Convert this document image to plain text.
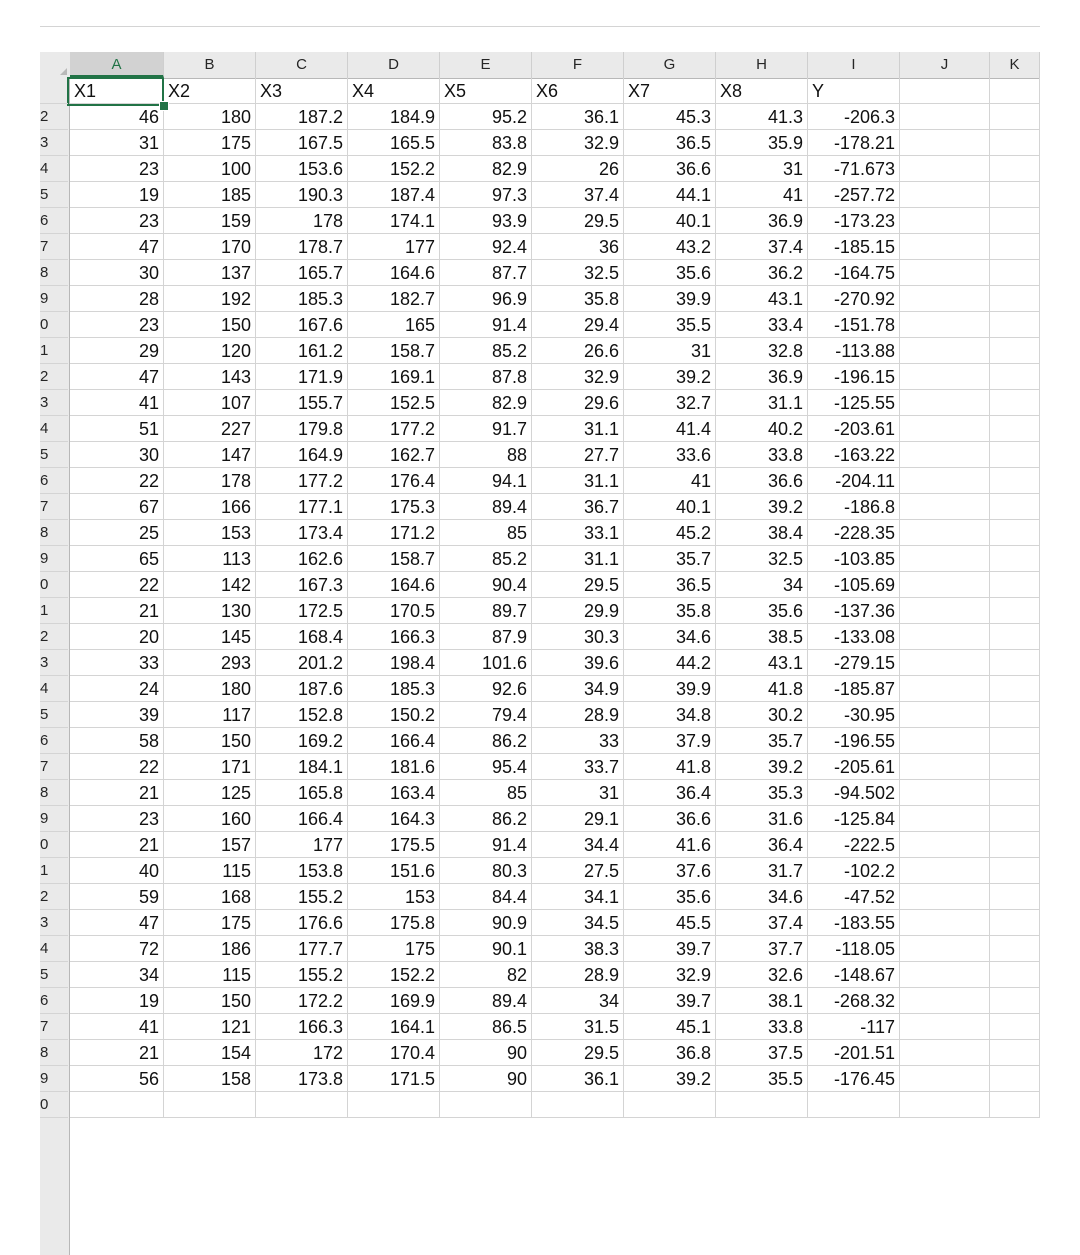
X1	X2	X3	X4	X5	X6	X7	X8	Y
46	180	187.2	184.9	95.2	36.1	45.3	41.3	-206.3
31	175	167.5	165.5	83.8	32.9	36.5	35.9	-178.21
23	100	153.6	152.2	82.9	26	36.6	31	-71.673
19	185	190.3	187.4	97.3	37.4	44.1	41	-257.72
23	159	178	174.1	93.9	29.5	40.1	36.9	-173.23
47	170	178.7	177	92.4	36	43.2	37.4	-185.15
30	137	165.7	164.6	87.7	32.5	35.6	36.2	-164.75
28	192	185.3	182.7	96.9	35.8	39.9	43.1	-270.92
23	150	167.6	165	91.4	29.4	35.5	33.4	-151.78
29	120	161.2	158.7	85.2	26.6	31	32.8	-113.88
47	143	171.9	169.1	87.8	32.9	39.2	36.9	-196.15
41	107	155.7	152.5	82.9	29.6	32.7	31.1	-125.55
51	227	179.8	177.2	91.7	31.1	41.4	40.2	-203.61
30	147	164.9	162.7	88	27.7	33.6	33.8	-163.22
22	178	177.2	176.4	94.1	31.1	41	36.6	-204.11
67	166	177.1	175.3	89.4	36.7	40.1	39.2	-186.8
25	153	173.4	171.2	85	33.1	45.2	38.4	-228.35
65	113	162.6	158.7	85.2	31.1	35.7	32.5	-103.85
22	142	167.3	164.6	90.4	29.5	36.5	34	-105.69
21	130	172.5	170.5	89.7	29.9	35.8	35.6	-137.36
20	145	168.4	166.3	87.9	30.3	34.6	38.5	-133.08
33	293	201.2	198.4	101.6	39.6	44.2	43.1	-279.15
24	180	187.6	185.3	92.6	34.9	39.9	41.8	-185.87
39	117	152.8	150.2	79.4	28.9	34.8	30.2	-30.95
58	150	169.2	166.4	86.2	33	37.9	35.7	-196.55
22	171	184.1	181.6	95.4	33.7	41.8	39.2	-205.61
21	125	165.8	163.4	85	31	36.4	35.3	-94.502
23	160	166.4	164.3	86.2	29.1	36.6	31.6	-125.84
21	157	177	175.5	91.4	34.4	41.6	36.4	-222.5
40	115	153.8	151.6	80.3	27.5	37.6	31.7	-102.2
59	168	155.2	153	84.4	34.1	35.6	34.6	-47.52
47	175	176.6	175.8	90.9	34.5	45.5	37.4	-183.55
72	186	177.7	175	90.1	38.3	39.7	37.7	-118.05
34	115	155.2	152.2	82	28.9	32.9	32.6	-148.67
19	150	172.2	169.9	89.4	34	39.7	38.1	-268.32
41	121	166.3	164.1	86.5	31.5	45.1	33.8	-117
21	154	172	170.4	90	29.5	36.8	37.5	-201.51
56	158	173.8	171.5	90	36.1	39.2	35.5	-176.45
A	B	C	D	E	F	G	H	I	J	K
2
3
4
5
6
7
8
9
0
1
2
3
4
5
6
7
8
9
0
1
2
3
4
5
6
7
8
9
0
1
2
3
4
5
6
7
8
9
0
